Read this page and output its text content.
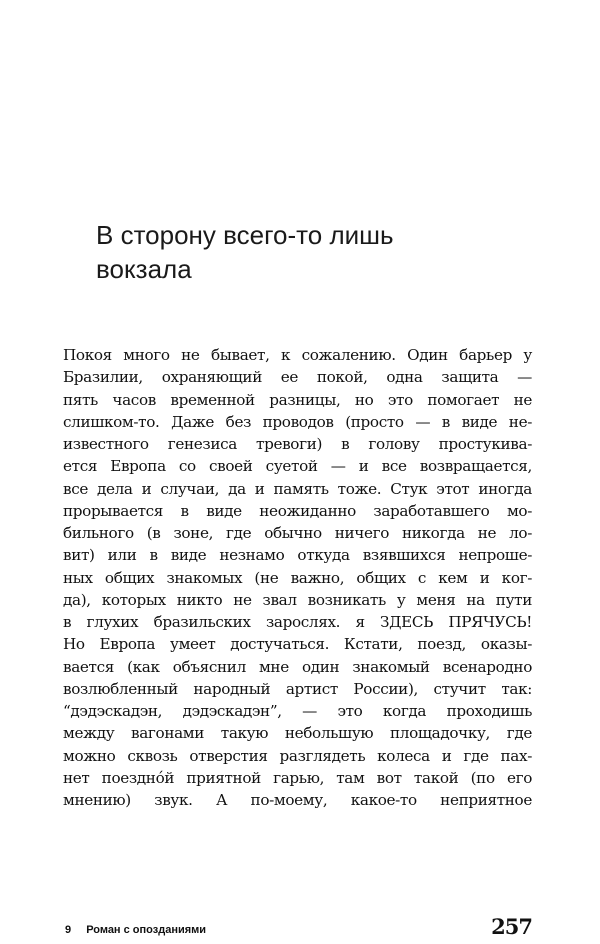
В сторону всего-то лишь
вокзала
Покоя много не бывает, к сожалению. Один барьер у
Бразилии, охраняющий ее покой, одна защита —
пять часов временной разницы, но это помогает не
слишком-то. Даже без проводов (просто — в виде не-
известного генезиса тревоги) в голову простукива-
ется Европа со своей суетой — и все возвращается,
все дела и случаи, да и память тоже. Стук этот иногда
прорывается в виде неожиданно заработавшего мо-
бильного (в зоне, где обычно ничего никогда не ло-
вит) или в виде незнамо откуда взявшихся непроше-
ных общих знакомых (не важно, общих с кем и ког-
да), которых никто не звал возникать у меня на пути
в глухих бразильских зарослях. я ЗДЕСЬ ПРЯЧУСЬ!
Но Европа умеет достучаться. Кстати, поезд, оказы-
вается (как объяснил мне один знакомый всенародно
возлюбленный народный артист России), стучит так:
“дэдэскадэн, дэдэскадэн”, — это когда проходишь
между вагонами такую небольшую площадочку, где
можно сквозь отверстия разглядеть колеса и где пах-
нет поезднóй приятной гарью, там вот такой (по его
мнению) звук. А по-моему, какое-то неприятное
9 Роман с опозданиями	257
